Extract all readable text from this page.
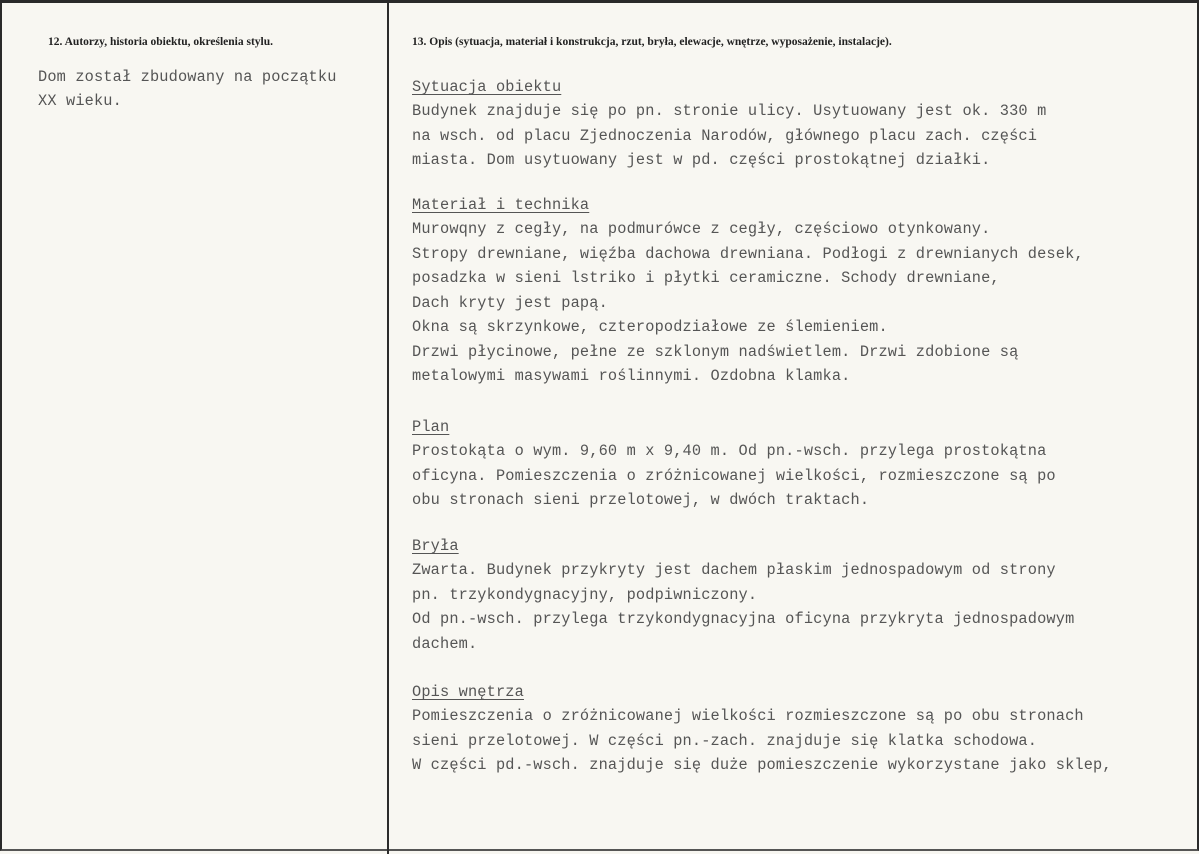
12. Autorzy, historia obiektu, określenia stylu.	13. Opis (sytuacja, materiał i konstrukcja, rzut, bryła, elewacje, wnętrze, wyposażenie, instalacje).
Dom został zbudowany na początku
XX wieku.
Sytuacja obiektu
Budynek znajduje się po pn. stronie ulicy. Usytuowany jest ok. 330 m
na wsch. od placu Zjednoczenia Narodów, głównego placu zach. części
miasta. Dom usytuowany jest w pd. części prostokątnej działki.
Materiał i technika
Murowqny z cegły, na podmurówce z cegły, częściowo otynkowany.
Stropy drewniane, więźba dachowa drewniana. Podłogi z drewnianych desek,
posadzka w sieni lstriko i płytki ceramiczne. Schody drewniane,
Dach kryty jest papą.
Okna są skrzynkowe, czteropodziałowe ze ślemieniem.
Drzwi płycinowe, pełne ze szklonym nadświetlem. Drzwi zdobione są
metalowymi masywami roślinnymi. Ozdobna klamka.
Plan
Prostokąta o wym. 9,60 m x 9,40 m. Od pn.-wsch. przylega prostokątna
oficyna. Pomieszczenia o zróżnicowanej wielkości, rozmieszczone są po
obu stronach sieni przelotowej, w dwóch traktach.
Bryła
Zwarta. Budynek przykryty jest dachem płaskim jednospadowym od strony
pn. trzykondygnacyjny, podpiwniczony.
Od pn.-wsch. przylega trzykondygnacyjna oficyna przykryta jednospadowym
dachem.
Opis wnętrza
Pomieszczenia o zróżnicowanej wielkości rozmieszczone są po obu stronach
sieni przelotowej. W części pn.-zach. znajduje się klatka schodowa.
W części pd.-wsch. znajduje się duże pomieszczenie wykorzystane jako sklep,
